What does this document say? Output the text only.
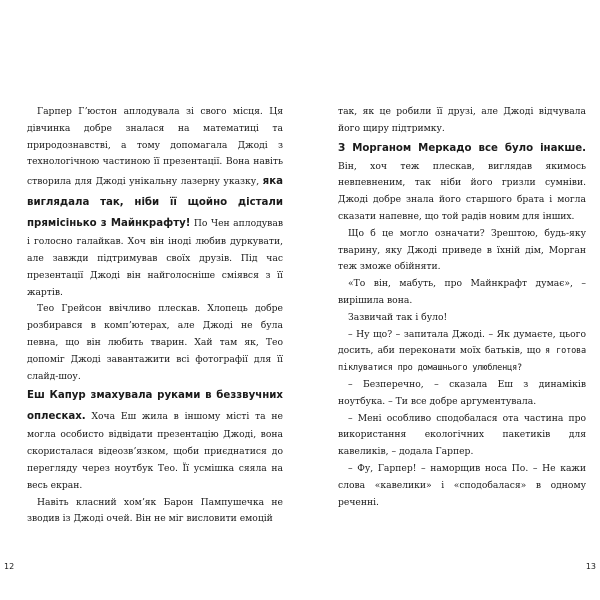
Гарпер Гʼюстон аплодувала зі свого місця. Ця дівчинка добре зналася на математиці та природознавстві, а тому допомагала Джоді з технологічною частиною її презентації. Вона навіть створила для Джоді унікальну лазерну указку, яка виглядала так, ніби її щойно дістали прямісінько з Майнкрафту! По Чен аплодував і голосно галайкав. Хоч він іноді любив дуркувати, але завжди підтримував своїх друзів. Під час презентації Джоді він найголосніше сміявся з її жартів.

Тео Грейсон ввічливо плескав. Хлопець добре розбирався в компʼютерах, але Джоді не була певна, що він любить тварин. Хай там як, Тео допоміг Джоді завантажити всі фотографії для її слайд-шоу.

Еш Капур змахувала руками в беззвучних оплесках. Хоча Еш жила в іншому місті та не могла особисто відвідати презентацію Джоді, вона скористалася відеозвʼязком, щоби приєднатися до перегляду через ноутбук Тео. Її усмішка сяяла на весь екран.

Навіть класний хомʼяк Барон Пампушечка не зводив із Джоді очей. Він не міг висловити емоцій

12

так, як це робили її друзі, але Джоді відчувала його щиру підтримку.

З Морганом Меркадо все було інакше. Він, хоч теж плескав, виглядав якимось невпевненим, так ніби його гризли сумніви. Джоді добре знала його старшого брата і могла сказати напевне, що той радів новим для інших.

Що б це могло означати? Зрештою, будь-яку тварину, яку Джоді приведе в їхній дім, Морган теж зможе обійняти.

«То він, мабуть, про Майнкрафт думає», – вирішила вона.

Зазвичай так і було!

– Ну що? – запитала Джоді. – Як думаєте, цього досить, аби переконати моїх батьків, що я готова піклуватися про домашнього улюбленця?

– Безперечно, – сказала Еш з динаміків ноутбука. – Ти все добре аргументувала.

– Мені особливо сподобалася ота частина про використання екологічних пакетиків для кавеликів, – додала Гарпер.

– Фу, Гарпер! – наморщив носа По. – Не кажи слова «кавелики» і «сподобалася» в одному реченні.

13
